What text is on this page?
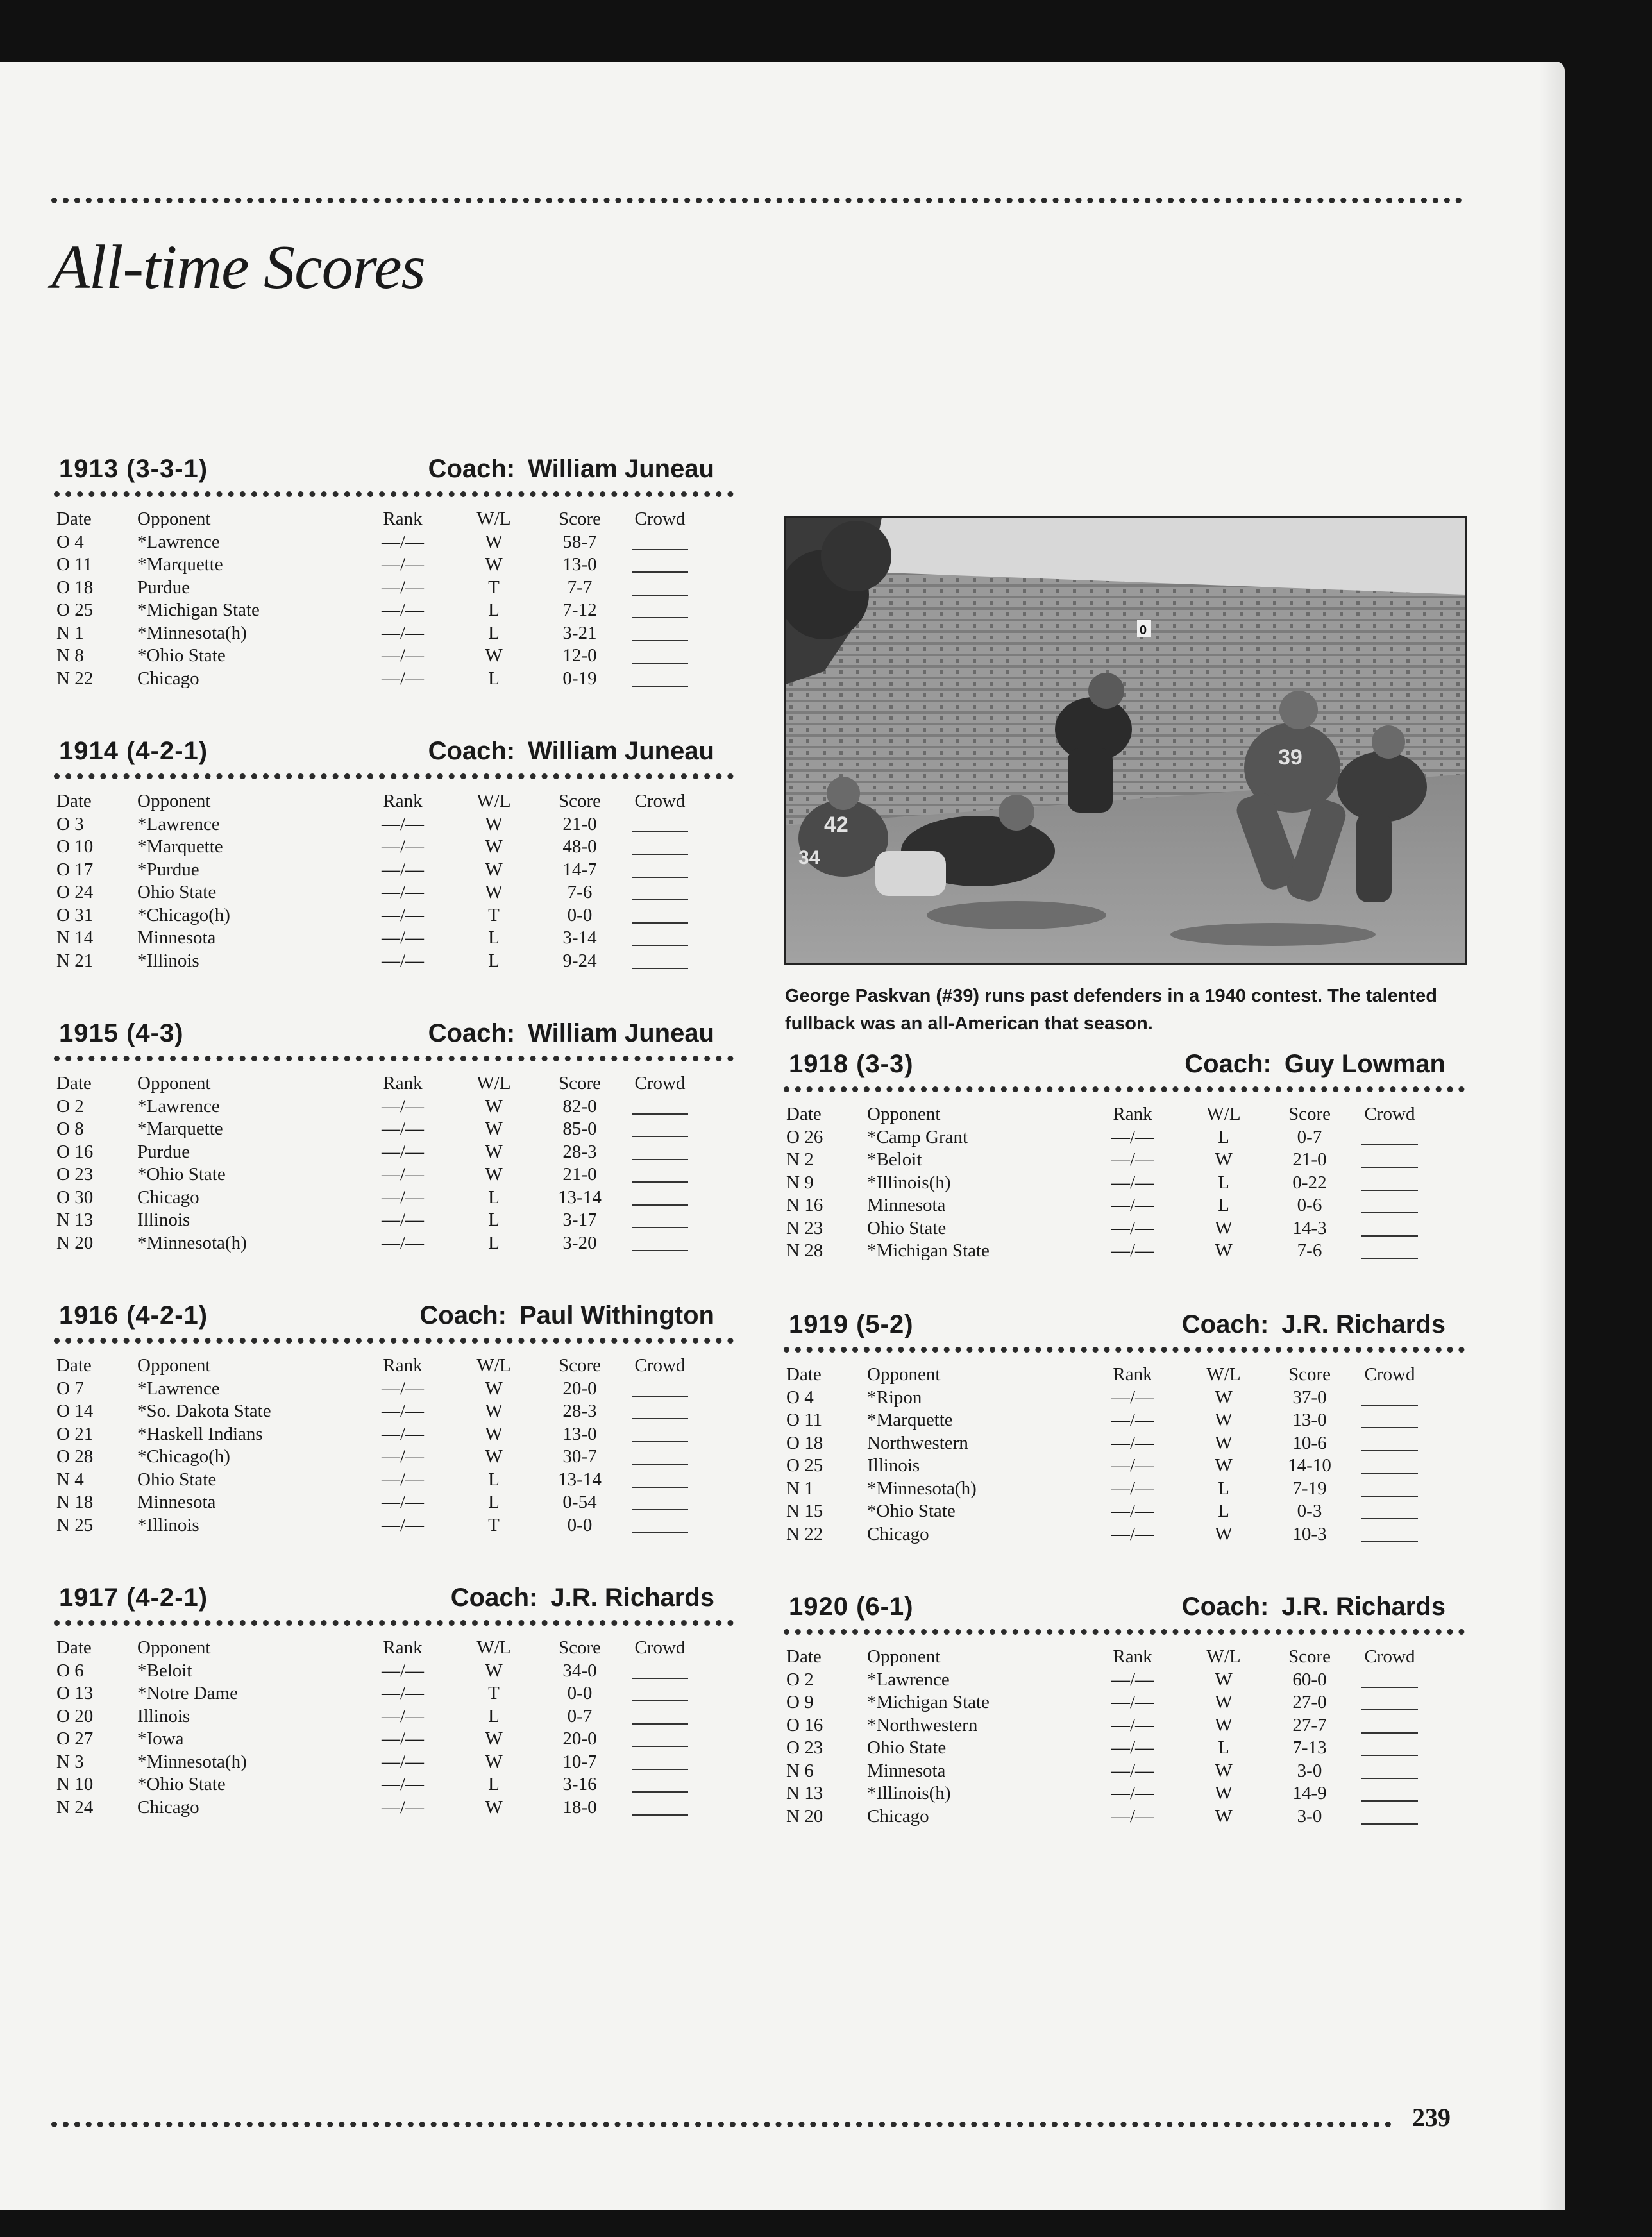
All-time Scores
39
42
34
0

George Paskvan (#39) runs past defenders in a 1940 contest. The talented fullback was an all-American that season.

1913 (3-3-1)	Coach: William Juneau
Date	Opponent	Rank	W/L	Score	Crowd
O 4	*Lawrence	—/—	W	58-7	
O 11	*Marquette	—/—	W	13-0	
O 18	Purdue	—/—	T	7-7	
O 25	*Michigan State	—/—	L	7-12	
N 1	*Minnesota(h)	—/—	L	3-21	
N 8	*Ohio State	—/—	W	12-0	
N 22	Chicago	—/—	L	0-19	
1914 (4-2-1)	Coach: William Juneau
Date	Opponent	Rank	W/L	Score	Crowd
O 3	*Lawrence	—/—	W	21-0	
O 10	*Marquette	—/—	W	48-0	
O 17	*Purdue	—/—	W	14-7	
O 24	Ohio State	—/—	W	7-6	
O 31	*Chicago(h)	—/—	T	0-0	
N 14	Minnesota	—/—	L	3-14	
N 21	*Illinois	—/—	L	9-24	
1915 (4-3)	Coach: William Juneau
Date	Opponent	Rank	W/L	Score	Crowd
O 2	*Lawrence	—/—	W	82-0	
O 8	*Marquette	—/—	W	85-0	
O 16	Purdue	—/—	W	28-3	
O 23	*Ohio State	—/—	W	21-0	
O 30	Chicago	—/—	L	13-14	
N 13	Illinois	—/—	L	3-17	
N 20	*Minnesota(h)	—/—	L	3-20	
1916 (4-2-1)	Coach: Paul Withington
Date	Opponent	Rank	W/L	Score	Crowd
O 7	*Lawrence	—/—	W	20-0	
O 14	*So. Dakota State	—/—	W	28-3	
O 21	*Haskell Indians	—/—	W	13-0	
O 28	*Chicago(h)	—/—	W	30-7	
N 4	Ohio State	—/—	L	13-14	
N 18	Minnesota	—/—	L	0-54	
N 25	*Illinois	—/—	T	0-0	
1917 (4-2-1)	Coach: J.R. Richards
Date	Opponent	Rank	W/L	Score	Crowd
O 6	*Beloit	—/—	W	34-0	
O 13	*Notre Dame	—/—	T	0-0	
O 20	Illinois	—/—	L	0-7	
O 27	*Iowa	—/—	W	20-0	
N 3	*Minnesota(h)	—/—	W	10-7	
N 10	*Ohio State	—/—	L	3-16	
N 24	Chicago	—/—	W	18-0	
1918 (3-3)	Coach: Guy Lowman
Date	Opponent	Rank	W/L	Score	Crowd
O 26	*Camp Grant	—/—	L	0-7	
N 2	*Beloit	—/—	W	21-0	
N 9	*Illinois(h)	—/—	L	0-22	
N 16	Minnesota	—/—	L	0-6	
N 23	Ohio State	—/—	W	14-3	
N 28	*Michigan State	—/—	W	7-6	
1919 (5-2)	Coach: J.R. Richards
Date	Opponent	Rank	W/L	Score	Crowd
O 4	*Ripon	—/—	W	37-0	
O 11	*Marquette	—/—	W	13-0	
O 18	Northwestern	—/—	W	10-6	
O 25	Illinois	—/—	W	14-10	
N 1	*Minnesota(h)	—/—	L	7-19	
N 15	*Ohio State	—/—	L	0-3	
N 22	Chicago	—/—	W	10-3	
1920 (6-1)	Coach: J.R. Richards
Date	Opponent	Rank	W/L	Score	Crowd
O 2	*Lawrence	—/—	W	60-0	
O 9	*Michigan State	—/—	W	27-0	
O 16	*Northwestern	—/—	W	27-7	
O 23	Ohio State	—/—	L	7-13	
N 6	Minnesota	—/—	W	3-0	
N 13	*Illinois(h)	—/—	W	14-9	
N 20	Chicago	—/—	W	3-0	
239
